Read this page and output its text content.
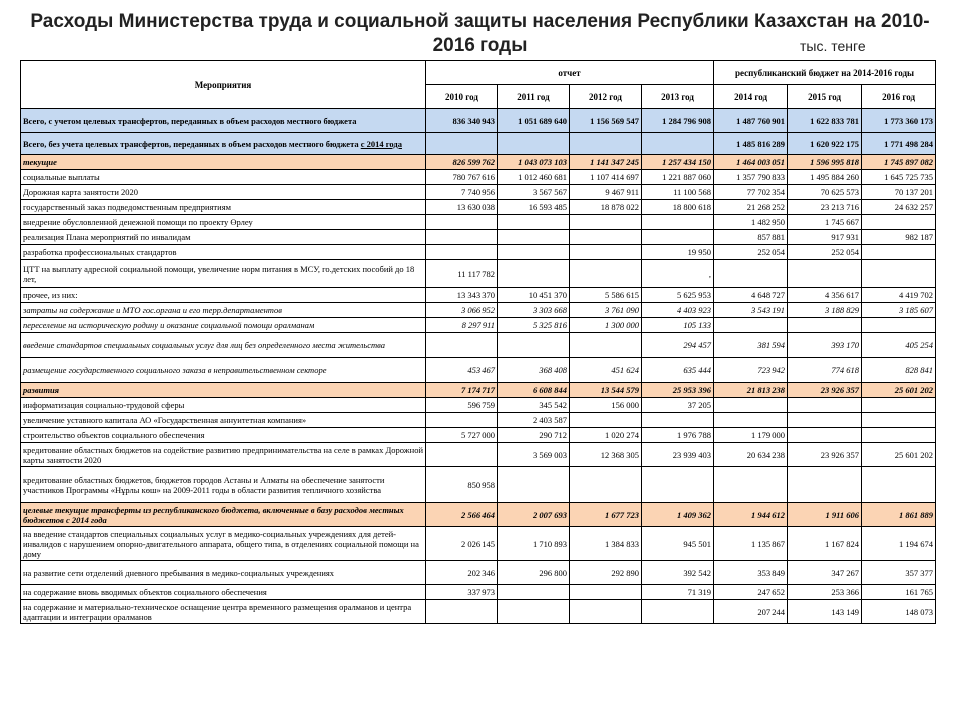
Расходы Министерства труда и социальной защиты населения Республики Казахстан на 2010-2016 годы	тыс. тенге
Мероприятия	отчет				республиканский бюджет на 2014-2016 годы		
	2010 год	2011 год	2012 год	2013 год	2014 год	2015 год	2016 год
Всего, с учетом целевых трансфертов, переданных в объем расходов местного бюджета	836 340 943	1 051 689 640	1 156 569 547	1 284 796 908	1 487 760 901	1 622 833 781	1 773 360 173
Всего, без учета целевых трансфертов, переданных в объем расходов местного бюджета с 2014 года					1 485 816 289	1 620 922 175	1 771 498 284
текущие	826 599 762	1 043 073 103	1 141 347 245	1 257 434 150	1 464 003 051	1 596 995 818	1 745 897 082
социальные выплаты	780 767 616	1 012 460 681	1 107 414 697	1 221 887 060	1 357 790 833	1 495 884 260	1 645 725 735
Дорожная карта занятости 2020	7 740 956	3 567 567	9 467 911	11 100 568	77 702 354	70 625 573	70 137 201
государственный заказ подведомственным предприятиям	13 630 038	16 593 485	18 878 022	18 800 618	21 268 252	23 213 716	24 632 257
внедрение обусловленной денежной помощи по проекту Өрлеу					1 482 950	1 745 667	
реализация Плана мероприятий по инвалидам					857 881	917 931	982 187
разработка профессиональных стандартов				19 950	252 054	252 054	
ЦТТ на выплату адресной социальной помощи, увеличение норм питания в МСУ, го.детских пособий до 18 лет,	11 117 782			,			
прочее, из них:	13 343 370	10 451 370	5 586 615	5 625 953	4 648 727	4 356 617	4 419 702
затраты на содержание и МТО гос.органа и его терр.департаментов	3 066 952	3 303 668	3 761 090	4 403 923	3 543 191	3 188 829	3 185 607
переселение на историческую родину и оказание социальной помощи оралманам	8 297 911	5 325 816	1 300 000	105 133			
введение стандартов специальных социальных услуг для лиц без определенного места жительства				294 457	381 594	393 170	405 254
размещение государственного социального заказа в неправительственном секторе	453 467	368 408	451 624	635 444	723 942	774 618	828 841
развития	7 174 717	6 608 844	13 544 579	25 953 396	21 813 238	23 926 357	25 601 202
информатизация социально-трудовой сферы	596 759	345 542	156 000	37 205			
увеличение уставного капитала АО «Государственная аннуитетная компания»		2 403 587					
строительство объектов социального обеспечения	5 727 000	290 712	1 020 274	1 976 788	1 179 000		
кредитование областных бюджетов на содействие развитию предпринимательства на селе в рамках Дорожной карты занятости 2020		3 569 003	12 368 305	23 939 403	20 634 238	23 926 357	25 601 202
кредитование областных бюджетов, бюджетов городов Астаны и Алматы на обеспечение занятости участников Программы «Нұрлы көш» на 2009-2011 годы в области развития тепличного хозяйства	850 958						
целевые текущие трансферты из республиканского бюджета, включенные в базу расходов местных бюджетов с 2014 года	2 566 464	2 007 693	1 677 723	1 409 362	1 944 612	1 911 606	1 861 889
на введение стандартов специальных социальных услуг в медико-социальных учреждениях для детей-инвалидов с нарушением опорно-двигательного аппарата, общего типа, в отделениях социальной помощи на дому	2 026 145	1 710 893	1 384 833	945 501	1 135 867	1 167 824	1 194 674
на развитие сети отделений дневного пребывания в медико-социальных учреждениях	202 346	296 800	292 890	392 542	353 849	347 267	357 377
на содержание вновь вводимых объектов социального обеспечения	337 973			71 319	247 652	253 366	161 765
на содержание и материально-техническое оснащение центра временного размещения оралманов и центра адаптации и интеграции оралманов					207 244	143 149	148 073
